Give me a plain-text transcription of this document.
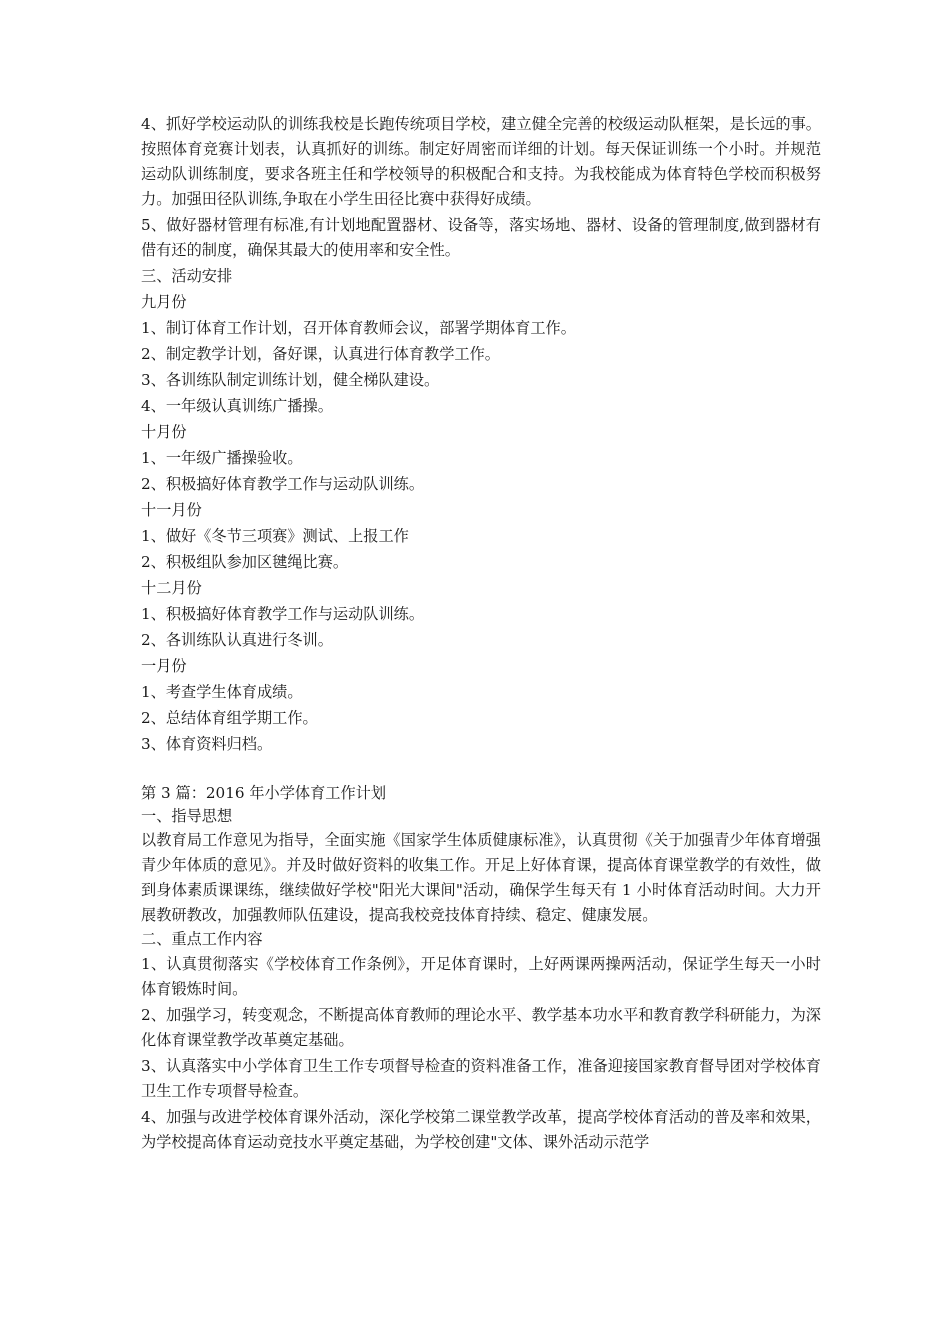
4、抓好学校运动队的训练我校是长跑传统项目学校，建立健全完善的校级运动队框架，是长远的事。按照体育竞赛计划表，认真抓好的训练。制定好周密而详细的计划。每天保证训练一个小时。并规范运动队训练制度，要求各班主任和学校领导的积极配合和支持。为我校能成为体育特色学校而积极努力。加强田径队训练,争取在小学生田径比赛中获得好成绩。

5、做好器材管理有标准,有计划地配置器材、设备等，落实场地、器材、设备的管理制度,做到器材有借有还的制度，确保其最大的使用率和安全性。

三、活动安排

九月份

1、制订体育工作计划，召开体育教师会议，部署学期体育工作。

2、制定教学计划，备好课，认真进行体育教学工作。

3、各训练队制定训练计划，健全梯队建设。

4、一年级认真训练广播操。

十月份

1、一年级广播操验收。

2、积极搞好体育教学工作与运动队训练。

十一月份

1、做好《冬节三项赛》测试、上报工作

2、积极组队参加区毽绳比赛。

十二月份

1、积极搞好体育教学工作与运动队训练。

2、各训练队认真进行冬训。

一月份

1、考查学生体育成绩。

2、总结体育组学期工作。

3、体育资料归档。

第 3 篇：2016 年小学体育工作计划

一、指导思想

以教育局工作意见为指导，全面实施《国家学生体质健康标准》，认真贯彻《关于加强青少年体育增强青少年体质的意见》。并及时做好资料的收集工作。开足上好体育课，提高体育课堂教学的有效性，做到身体素质课课练，继续做好学校"阳光大课间"活动，确保学生每天有 1 小时体育活动时间。大力开展教研教改，加强教师队伍建设，提高我校竞技体育持续、稳定、健康发展。

二、重点工作内容

1、认真贯彻落实《学校体育工作条例》，开足体育课时，上好两课两操两活动，保证学生每天一小时体育锻炼时间。

2、加强学习，转变观念，不断提高体育教师的理论水平、教学基本功水平和教育教学科研能力，为深化体育课堂教学改革奠定基础。

3、认真落实中小学体育卫生工作专项督导检查的资料准备工作，准备迎接国家教育督导团对学校体育卫生工作专项督导检查。

4、加强与改进学校体育课外活动，深化学校第二课堂教学改革，提高学校体育活动的普及率和效果，为学校提高体育运动竞技水平奠定基础，为学校创建"文体、课外活动示范学
